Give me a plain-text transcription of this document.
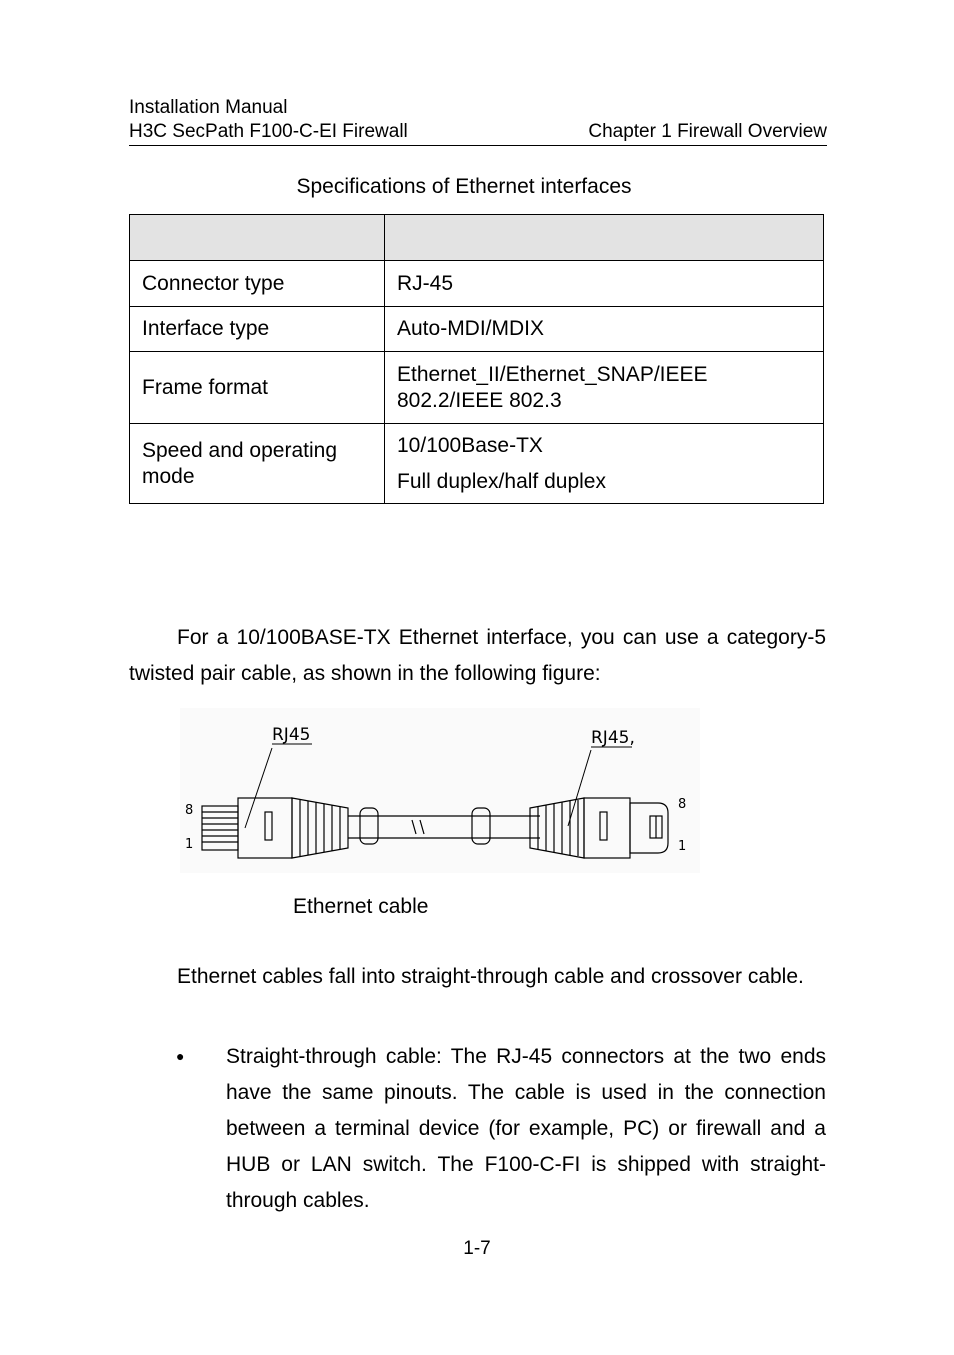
Installation Manual
H3C SecPath F100-C-EI Firewall	Chapter 1 Firewall Overview
Specifications of Ethernet interfaces

Connector type	RJ-45
Interface type	Auto-MDI/MDIX
Frame format	Ethernet_II/Ethernet_SNAP/IEEE 802.2/IEEE 802.3
Speed and operating mode	10/100Base-TX
Full duplex/half duplex
For a 10/100BASE-TX Ethernet interface, you can use a category-5 twisted pair cable, as shown in the following figure:
RJ45	RJ45,
8
1
8
1
Ethernet cable
Ethernet cables fall into straight-through cable and crossover cable.
● Straight-through cable: The RJ-45 connectors at the two ends have the same pinouts. The cable is used in the connection between a terminal device (for example, PC) or firewall and a HUB or LAN switch. The F100-C-FI is shipped with straight-through cables.
1-7
